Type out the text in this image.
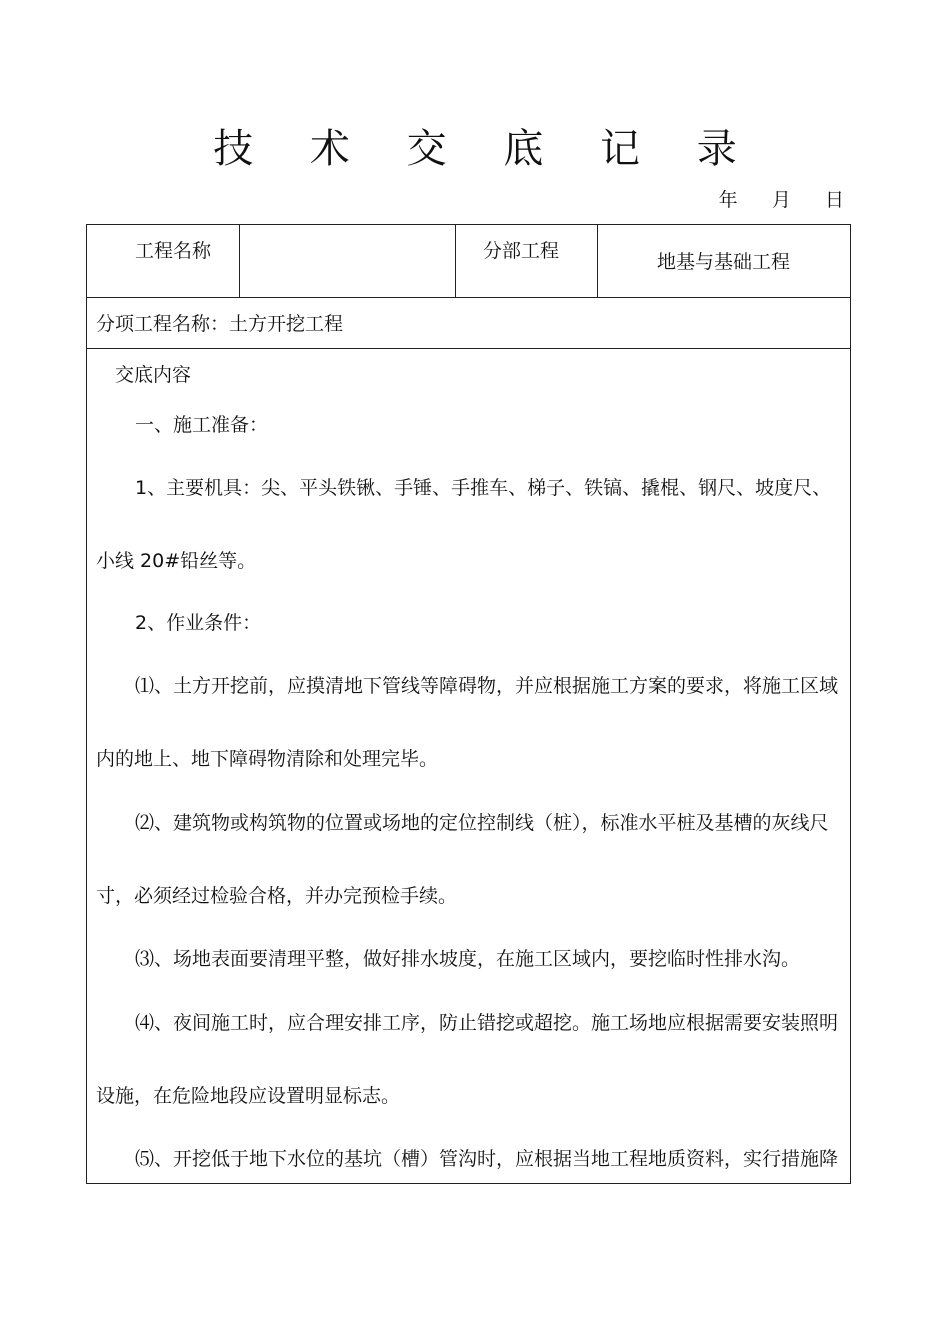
技 术 交 底 记 录
年    月    日
工程名称	分部工程	地基与基础工程
分项工程名称：土方开挖工程
交底内容
一、施工准备：
1、主要机具：尖、平头铁锹、手锤、手推车、梯子、铁镐、撬棍、钢尺、坡度尺、
小线 20#铅丝等。
2、作业条件：
⑴、土方开挖前，应摸清地下管线等障碍物，并应根据施工方案的要求，将施工区域
内的地上、地下障碍物清除和处理完毕。
⑵、建筑物或构筑物的位置或场地的定位控制线（桩），标准水平桩及基槽的灰线尺
寸，必须经过检验合格，并办完预检手续。
⑶、场地表面要清理平整，做好排水坡度，在施工区域内，要挖临时性排水沟。
⑷、夜间施工时，应合理安排工序，防止错挖或超挖。施工场地应根据需要安装照明
设施，在危险地段应设置明显标志。
⑸、开挖低于地下水位的基坑（槽）管沟时，应根据当地工程地质资料，实行措施降
